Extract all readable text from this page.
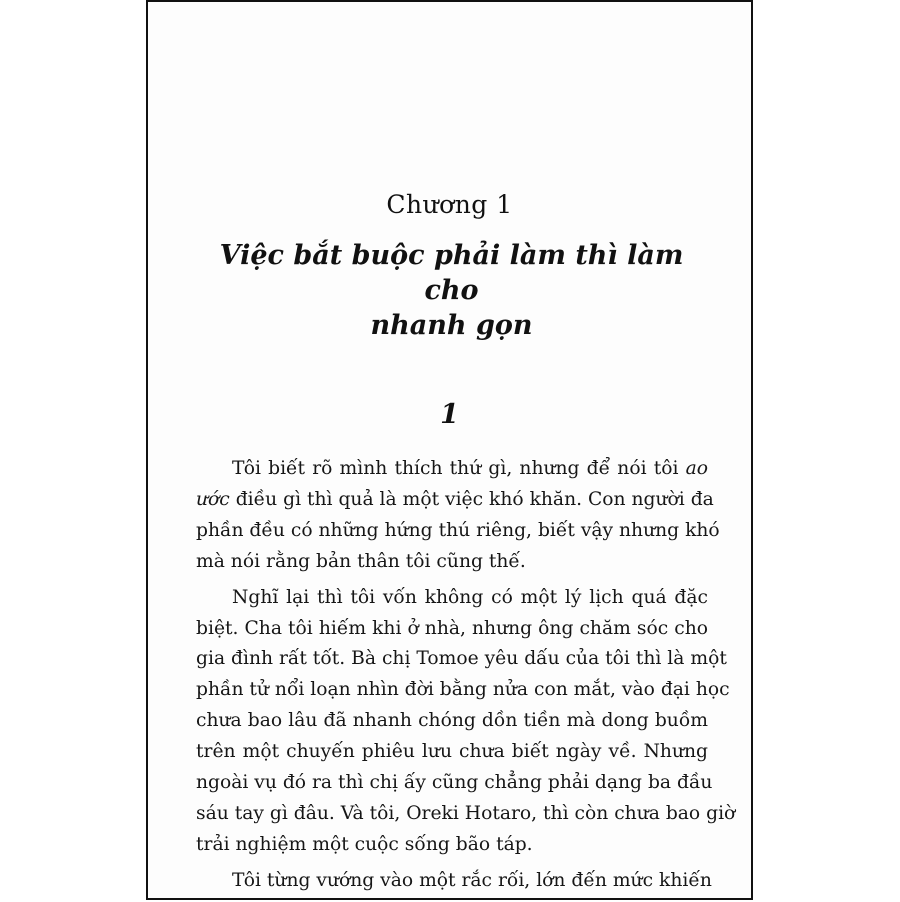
Chương 1
Việc bắt buộc phải làm thì làm cho
nhanh gọn
1
Tôi biết rõ mình thích thứ gì, nhưng để nói tôi ao
ước điều gì thì quả là một việc khó khăn. Con người đa
phần đều có những hứng thú riêng, biết vậy nhưng khó
mà nói rằng bản thân tôi cũng thế.
Nghĩ lại thì tôi vốn không có một lý lịch quá đặc
biệt. Cha tôi hiếm khi ở nhà, nhưng ông chăm sóc cho
gia đình rất tốt. Bà chị Tomoe yêu dấu của tôi thì là một
phần tử nổi loạn nhìn đời bằng nửa con mắt, vào đại học
chưa bao lâu đã nhanh chóng dồn tiền mà dong buồm
trên một chuyến phiêu lưu chưa biết ngày về. Nhưng
ngoài vụ đó ra thì chị ấy cũng chẳng phải dạng ba đầu
sáu tay gì đâu. Và tôi, Oreki Hotaro, thì còn chưa bao giờ
trải nghiệm một cuộc sống bão táp.
Tôi từng vướng vào một rắc rối, lớn đến mức khiến
